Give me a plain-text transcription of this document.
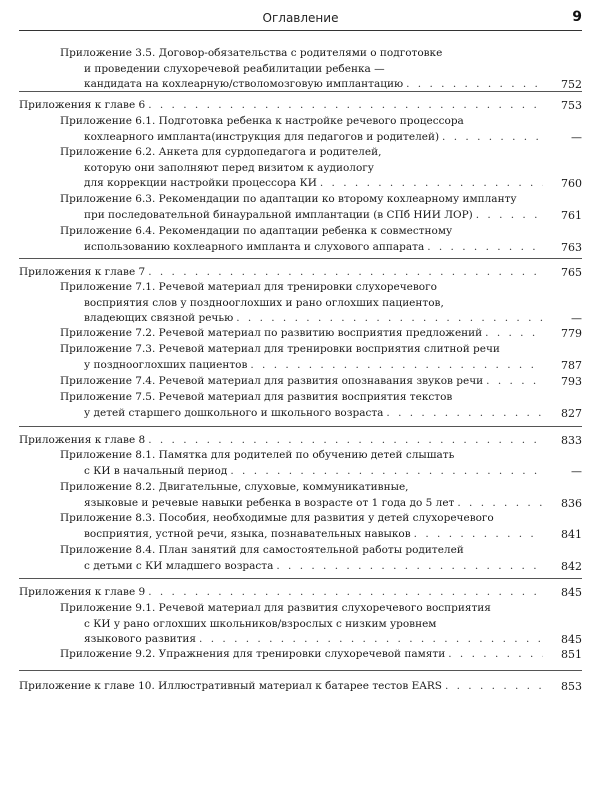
Оглавление	9
Приложение 3.5. Договор-обязательства с родителями о подготовке
и проведении слухоречевой реабилитации ребенка —
кандидата на кохлеарную/стволомозговую имплантацию . . .	752
Приложения к главе 6 . . .	753
Приложение 6.1. Подготовка ребенка к настройке речевого процессора
кохлеарного импланта(инструкция для педагогов и родителей) . . .	—
Приложение 6.2. Анкета для сурдопедагога и родителей,
которую они заполняют перед визитом к аудиологу
для коррекции настройки процессора КИ . . .	760
Приложение 6.3. Рекомендации по адаптации ко второму кохлеарному импланту
при последовательной бинауральной имплантации (в СПб НИИ ЛОР) . . .	761
Приложение 6.4. Рекомендации по адаптации ребенка к совместному
использованию кохлеарного импланта и слухового аппарата . . .	763
Приложения к главе 7 . . .	765
Приложение 7.1. Речевой материал для тренировки слухоречевого
восприятия слов у позднооглохших и рано оглохших пациентов,
владеющих связной речью . . .	—
Приложение 7.2. Речевой материал по развитию восприятия предложений . . .	779
Приложение 7.3. Речевой материал для тренировки восприятия слитной речи
у позднооглохших пациентов . . .	787
Приложение 7.4. Речевой материал для развития опознавания звуков речи . . .	793
Приложение 7.5. Речевой материал для развития восприятия текстов
у детей старшего дошкольного и школьного возраста . . .	827
Приложения к главе 8 . . .	833
Приложение 8.1. Памятка для родителей по обучению детей слышать
с КИ в начальный период . . .	—
Приложение 8.2. Двигательные, слуховые, коммуникативные,
языковые и речевые навыки ребенка в возрасте от 1 года до 5 лет . . .	836
Приложение 8.3. Пособия, необходимые для развития у детей слухоречевого
восприятия, устной речи, языка, познавательных навыков . . .	841
Приложение 8.4. План занятий для самостоятельной работы родителей
с детьми с КИ младшего возраста . . .	842
Приложения к главе 9 . . .	845
Приложение 9.1. Речевой материал для развития слухоречевого восприятия
с КИ у рано оглохших школьников/взрослых с низким уровнем
языкового развития . . .	845
Приложение 9.2. Упражнения для тренировки слухоречевой памяти . . .	851
Приложение к главе 10. Иллюстративный материал к батарее тестов EARS . . .	853
